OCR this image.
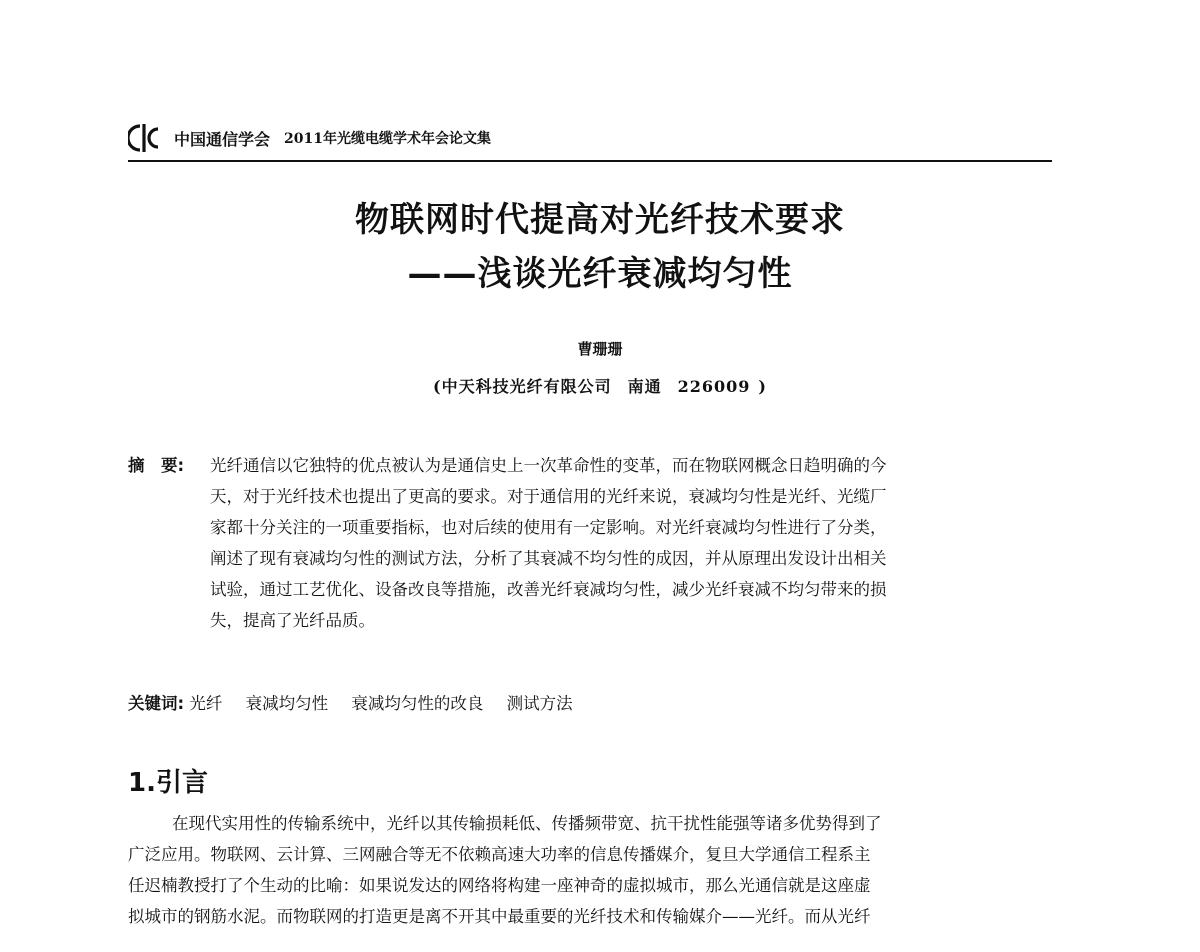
中国通信学会 2011年光缆电缆学术年会论文集
物联网时代提高对光纤技术要求
——浅谈光纤衰减均匀性
曹珊珊
(中天科技光纤有限公司 南通 226009 )
摘　要: 光纤通信以它独特的优点被认为是通信史上一次革命性的变革，而在物联网概念日趋明确的今
天，对于光纤技术也提出了更高的要求。对于通信用的光纤来说，衰减均匀性是光纤、光缆厂
家都十分关注的一项重要指标，也对后续的使用有一定影响。对光纤衰减均匀性进行了分类，
阐述了现有衰减均匀性的测试方法，分析了其衰减不均匀性的成因，并从原理出发设计出相关
试验，通过工艺优化、设备改良等措施，改善光纤衰减均匀性，减少光纤衰减不均匀带来的损
失，提高了光纤品质。
关键词: 光纤 衰减均匀性 衰减均匀性的改良 测试方法
1.引言
在现代实用性的传输系统中，光纤以其传输损耗低、传播频带宽、抗干扰性能强等诸多优势得到了
广泛应用。物联网、云计算、三网融合等无不依赖高速大功率的信息传播媒介，复旦大学通信工程系主
任迟楠教授打了个生动的比喻：如果说发达的网络将构建一座神奇的虚拟城市，那么光通信就是这座虚
拟城市的钢筋水泥。而物联网的打造更是离不开其中最重要的光纤技术和传输媒介——光纤。而从光纤
